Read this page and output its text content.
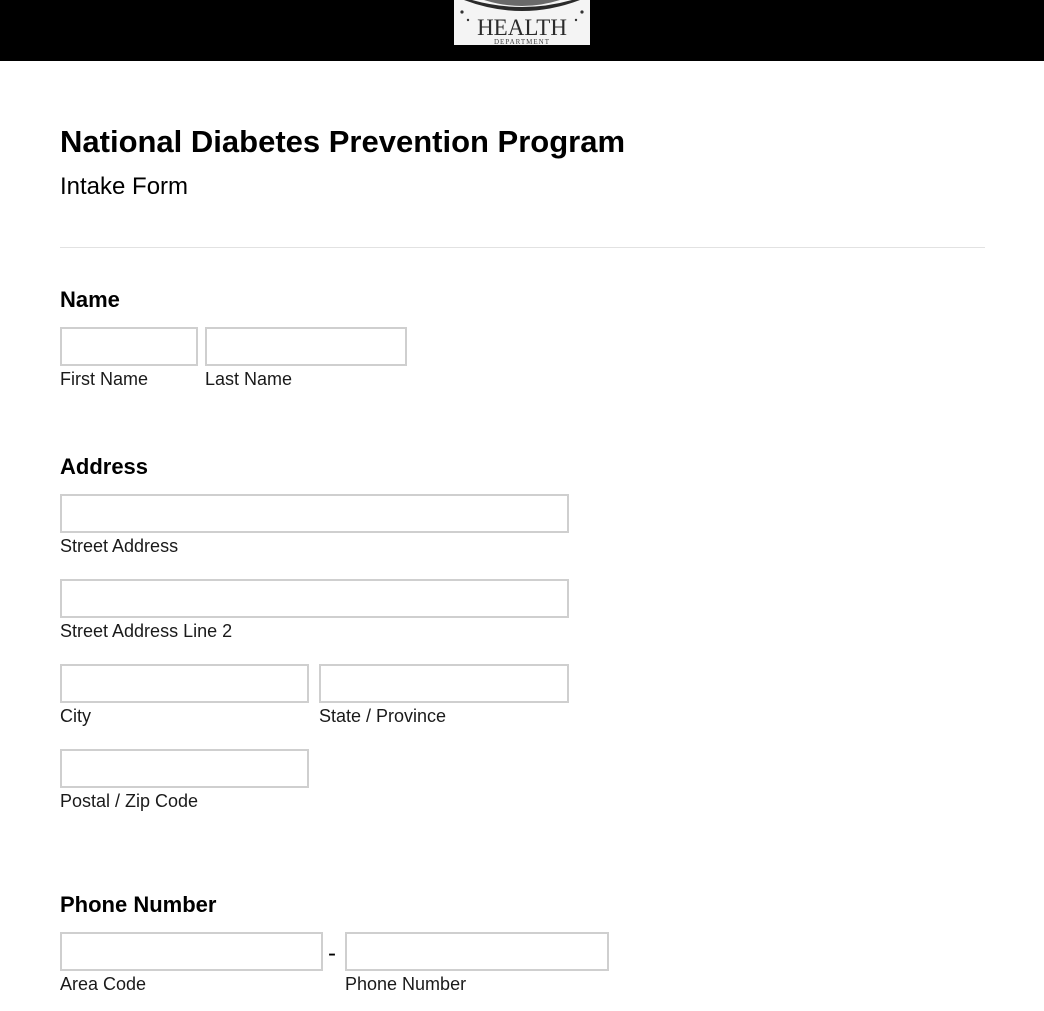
HEALTH
DEPARTMENT
National Diabetes Prevention Program
Intake Form
Name
First Name	Last Name
Address
Street Address
Street Address Line 2
City	State / Province
Postal / Zip Code
Phone Number
-
Area Code	Phone Number
